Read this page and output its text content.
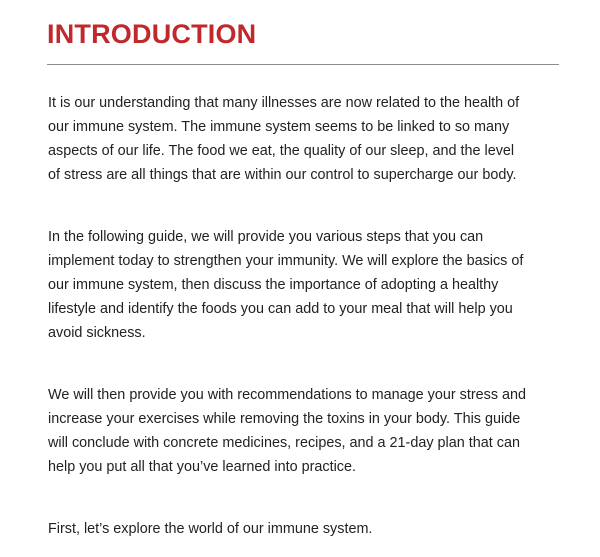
INTRODUCTION

It is our understanding that many illnesses are now related to the health of
our immune system. The immune system seems to be linked to so many
aspects of our life. The food we eat, the quality of our sleep, and the level
of stress are all things that are within our control to supercharge our body.

In the following guide, we will provide you various steps that you can
implement today to strengthen your immunity. We will explore the basics of
our immune system, then discuss the importance of adopting a healthy
lifestyle and identify the foods you can add to your meal that will help you
avoid sickness.

We will then provide you with recommendations to manage your stress and
increase your exercises while removing the toxins in your body. This guide
will conclude with concrete medicines, recipes, and a 21-day plan that can
help you put all that you’ve learned into practice.

First, let’s explore the world of our immune system.
